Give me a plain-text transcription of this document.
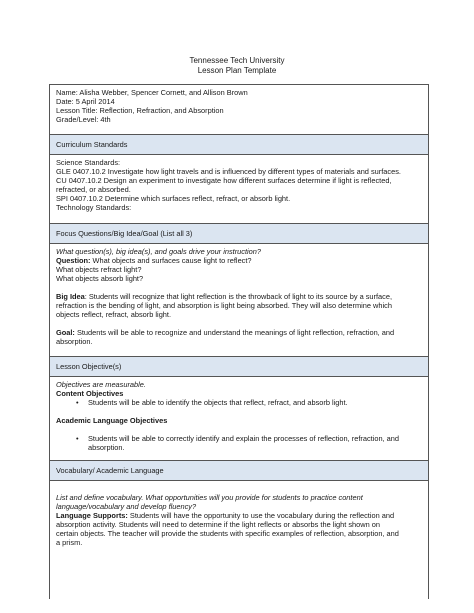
Tennessee Tech University
Lesson Plan Template
Name: Alisha Webber, Spencer Cornett, and Allison Brown
Date: 5 April 2014
Lesson Title: Reflection, Refraction, and Absorption
Grade/Level: 4th
Curriculum Standards
Science Standards:
GLE 0407.10.2 Investigate how light travels and is influenced by different types of materials and surfaces.
CU 0407.10.2 Design an experiment to investigate how different surfaces determine if light is reflected,
refracted, or absorbed.
SPI 0407.10.2 Determine which surfaces reflect, refract, or absorb light.
Technology Standards:
Focus Questions/Big Idea/Goal (List all 3)
What question(s), big idea(s), and goals drive your instruction?
Question: What objects and surfaces cause light to reflect?
What objects refract light?
What objects absorb light?
Big Idea: Students will recognize that light reflection is the throwback of light to its source by a surface,
refraction is the bending of light, and absorption is light being absorbed. They will also determine which
objects reflect, refract, absorb light.
Goal: Students will be able to recognize and understand the meanings of light reflection, refraction, and
absorption.
Lesson Objective(s)
Objectives are measurable.
Content Objectives
•	Students will be able to identify the objects that reflect, refract, and absorb light.
Academic Language Objectives
•	Students will be able to correctly identify and explain the processes of reflection, refraction, and
absorption.
Vocabulary/ Academic Language
List and define vocabulary. What opportunities will you provide for students to practice content
language/vocabulary and develop fluency?
Language Supports: Students will have the opportunity to use the vocabulary during the reflection and
absorption activity. Students will need to determine if the light reflects or absorbs the light shown on
certain objects. The teacher will provide the students with specific examples of reflection, absorption, and
a prism.
